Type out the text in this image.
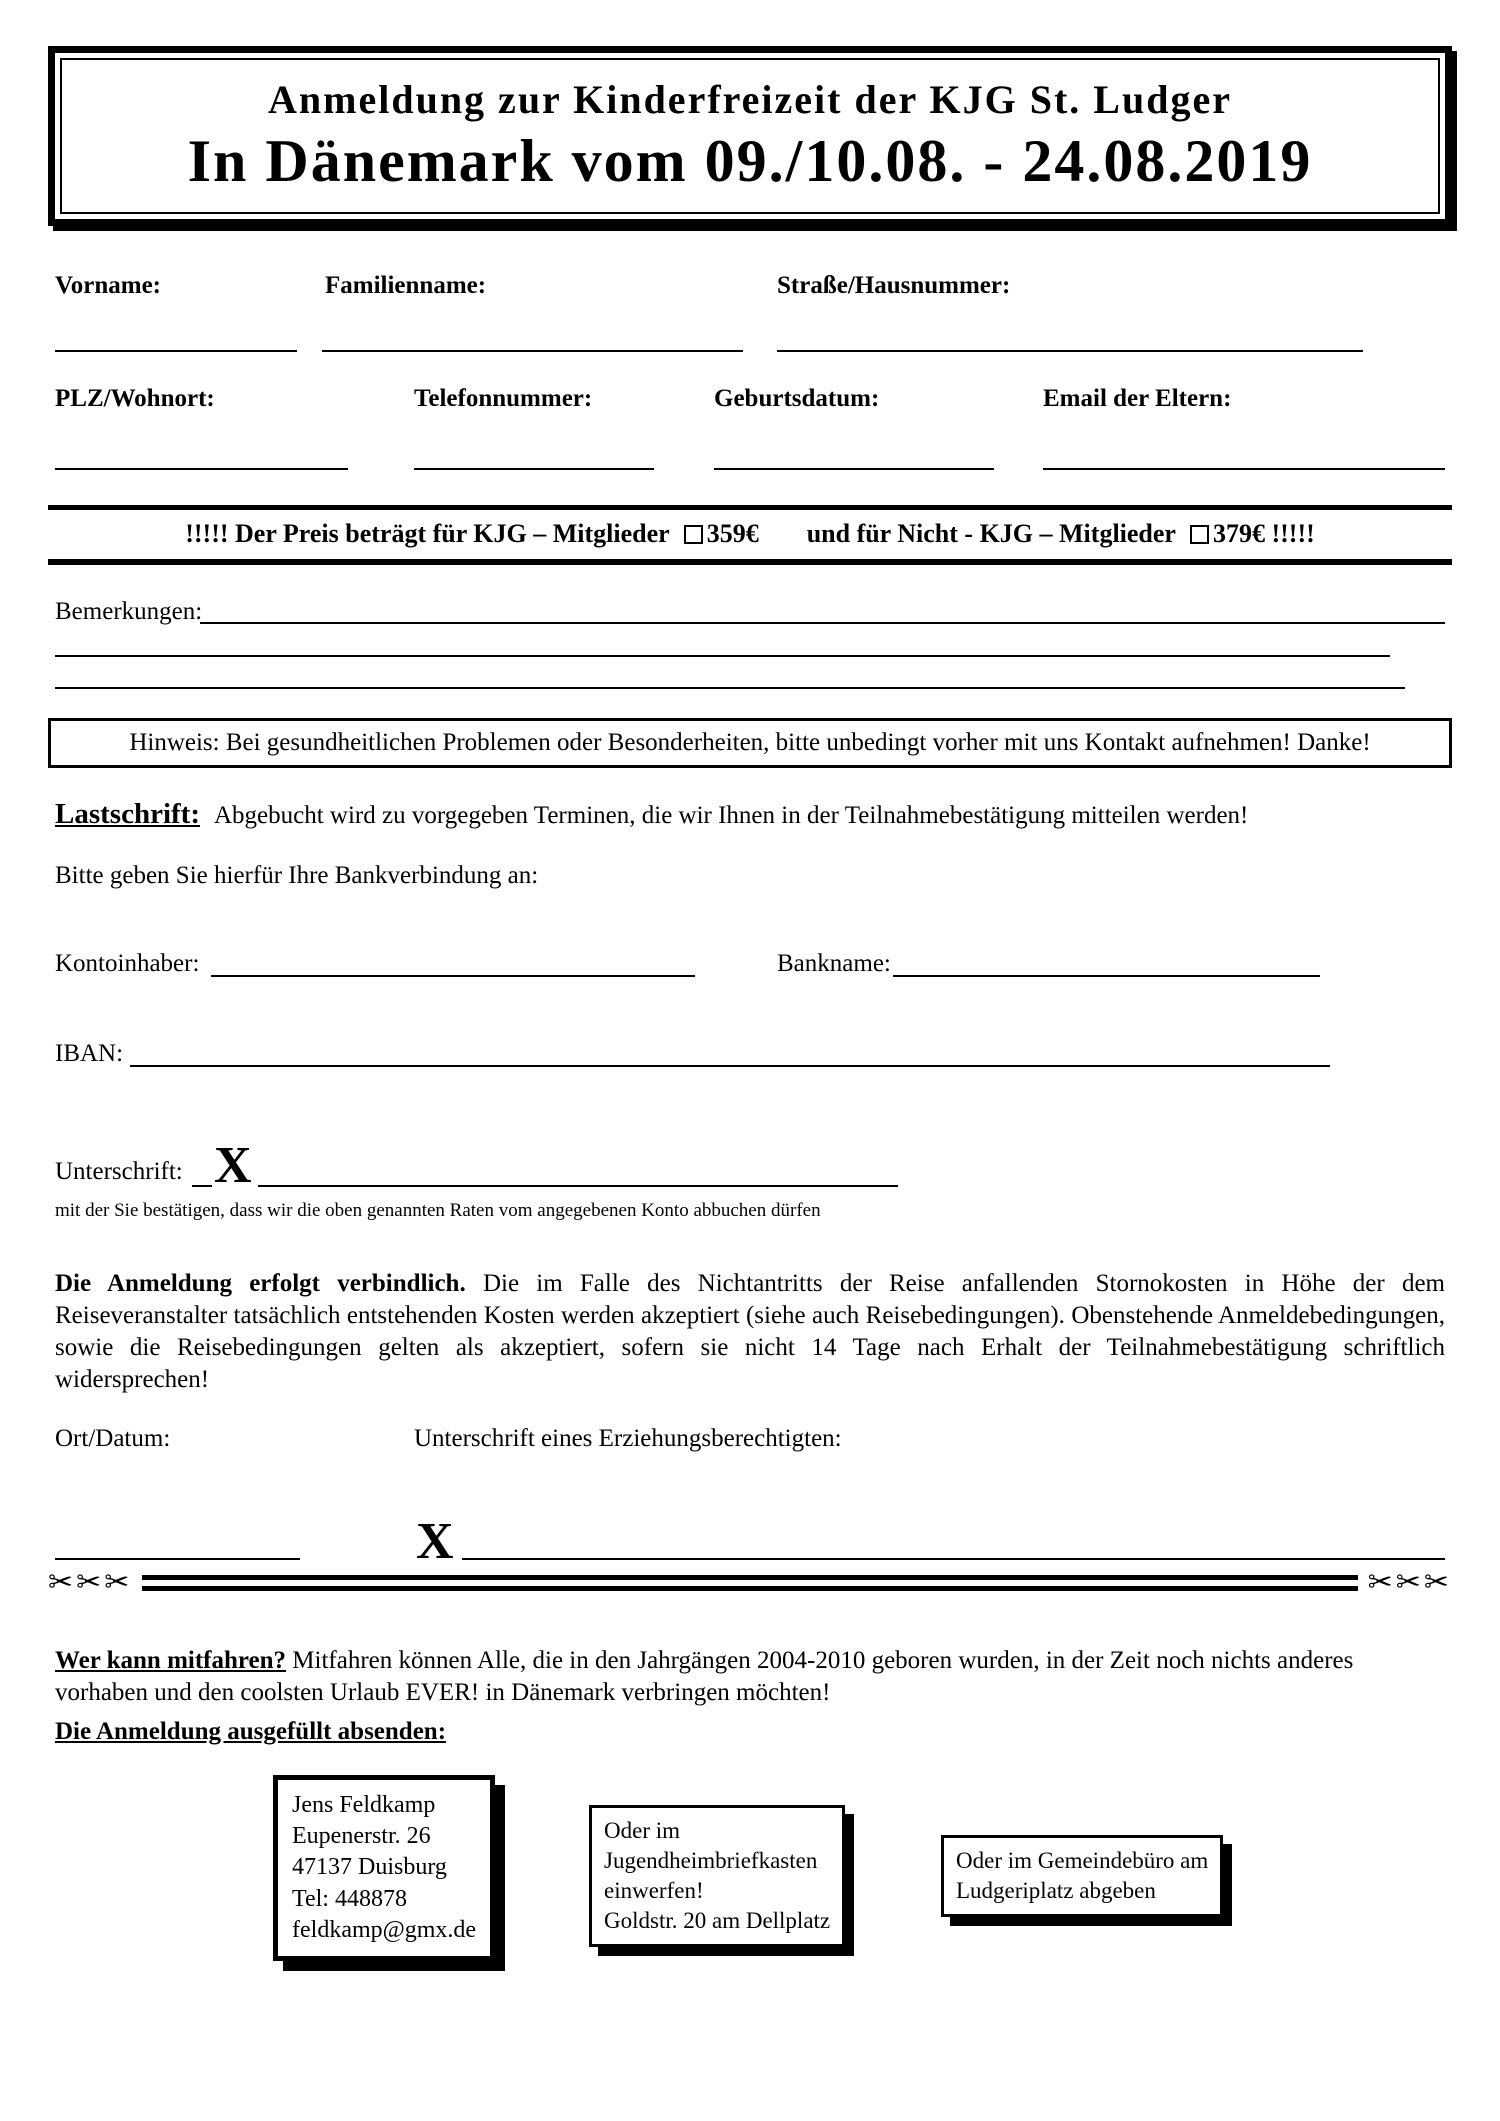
Anmeldung zur Kinderfreizeit der KJG St. Ludger
In Dänemark vom 09./10.08. - 24.08.2019
Vorname:	Familienname:	Straße/Hausnummer:
PLZ/Wohnort:	Telefonnummer:	Geburtsdatum:	Email der Eltern:
!!!!! Der Preis beträgt für KJG – Mitglieder 359€ und für Nicht - KJG – Mitglieder 379€ !!!!!
Bemerkungen:
Hinweis: Bei gesundheitlichen Problemen oder Besonderheiten, bitte unbedingt vorher mit uns Kontakt aufnehmen! Danke!
Lastschrift: Abgebucht wird zu vorgegeben Terminen, die wir Ihnen in der Teilnahmebestätigung mitteilen werden!
Bitte geben Sie hierfür Ihre Bankverbindung an:
Kontoinhaber:	Bankname:
IBAN:
Unterschrift: X
mit der Sie bestätigen, dass wir die oben genannten Raten vom angegebenen Konto abbuchen dürfen
Die Anmeldung erfolgt verbindlich. Die im Falle des Nichtantritts der Reise anfallenden Stornokosten in Höhe der dem Reiseveranstalter tatsächlich entstehenden Kosten werden akzeptiert (siehe auch Reisebedingungen). Obenstehende Anmeldebedingungen, sowie die Reisebedingungen gelten als akzeptiert, sofern sie nicht 14 Tage nach Erhalt der Teilnahmebestätigung schriftlich widersprechen!
Ort/Datum:	Unterschrift eines Erziehungsberechtigten:
X
✂✂✂	✂✂✂
Wer kann mitfahren? Mitfahren können Alle, die in den Jahrgängen 2004-2010 geboren wurden, in der Zeit noch nichts anderes vorhaben und den coolsten Urlaub EVER! in Dänemark verbringen möchten!
Die Anmeldung ausgefüllt absenden:
Jens Feldkamp
Eupenerstr. 26
47137 Duisburg
Tel: 448878
feldkamp@gmx.de
Oder im
Jugendheimbriefkasten
einwerfen!
Goldstr. 20 am Dellplatz
Oder im Gemeindebüro am
Ludgeriplatz abgeben
